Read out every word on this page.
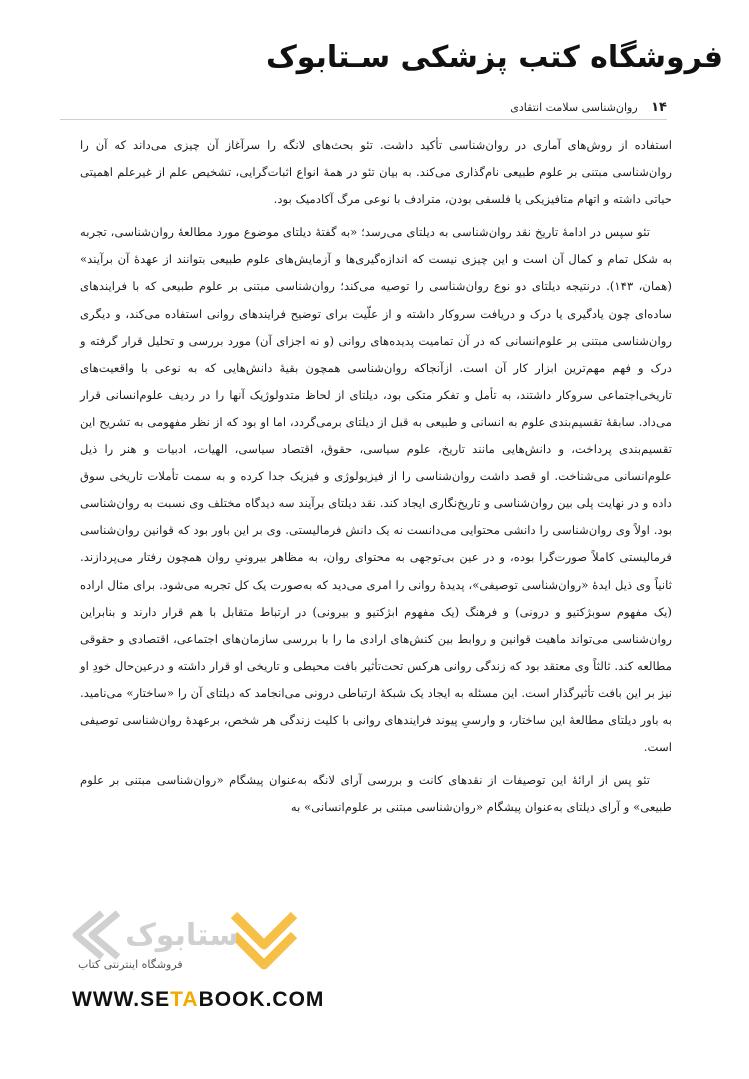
فروشگاه کتب پزشکی سـتابوک
۱۴ روان‌شناسی سلامت انتقادی

استفاده از روش‌های آماری در روان‌شناسی تأکید داشت. تئو بحث‌های لانگه را سرآغاز آن چیزی می‌داند که آن را روان‌شناسی مبتنی بر علوم طبیعی نام‌گذاری می‌کند. به بیان تئو در همهٔ انواع اثبات‌گرایی، تشخیص علم از غیرعلم اهمیتی حیاتی داشته و اتهام متافیزیکی یا فلسفی بودن، مترادف با نوعی مرگ آکادمیک بود.

تئو سپس در ادامهٔ تاریخ نقد روان‌شناسی به دیلتای می‌رسد؛ «به گفتهٔ دیلتای موضوع مورد مطالعهٔ روان‌شناسی، تجربه به شکل تمام و کمال آن است و این چیزی نیست که اندازه‌گیری‌ها و آزمایش‌های علوم طبیعی بتوانند از عهدهٔ آن برآیند» (همان، ۱۴۳). درنتیجه دیلتای دو نوع روان‌شناسی را توصیه می‌کند؛ روان‌شناسی مبتنی بر علوم طبیعی که با فرایندهای ساده‌ای چون یادگیری یا درک و دریافت سروکار داشته و از علّیت برای توضیح فرایندهای روانی استفاده می‌کند، و دیگری روان‌شناسی مبتنی بر علوم‌انسانی که در آن تمامیت پدیده‌های روانی (و نه اجزای آن) مورد بررسی و تحلیل قرار گرفته و درک و فهم مهم‌ترین ابزار کار آن است. ازآنجاکه روان‌شناسی همچون بقیهٔ دانش‌هایی که به نوعی با واقعیت‌های تاریخی‌اجتماعی سروکار داشتند، به تأمل و تفکر متکی بود، دیلتای از لحاظ متدولوژیک آنها را در ردیف علوم‌انسانی قرار می‌داد. سابقهٔ تقسیم‌بندی علوم به انسانی و طبیعی به قبل از دیلتای برمی‌گردد، اما او بود که از نظر مفهومی به تشریح این تقسیم‌بندی پرداخت، و دانش‌هایی مانند تاریخ، علوم سیاسی، حقوق، اقتصاد سیاسی، الهیات، ادبیات و هنر را ذیل علوم‌انسانی می‌شناخت. او قصد داشت روان‌شناسی را از فیزیولوژی و فیزیک جدا کرده و به سمت تأملات تاریخی سوق داده و در نهایت پلی بین روان‌شناسی و تاریخ‌نگاری ایجاد کند. نقد دیلتای برآیند سه دیدگاه مختلف وی نسبت به روان‌شناسی بود. اولاً وی روان‌شناسی را دانشی محتوایی می‌دانست نه یک دانش فرمالیستی. وی بر این باور بود که قوانین روان‌شناسی فرمالیستی کاملاً صورت‌گرا بوده، و در عین بی‌توجهی به محتوای روان، به مظاهر بیرونیِ روان همچون رفتار می‌پردازند. ثانیاً وی ذیل ایدهٔ «روان‌شناسی توصیفی»، پدیدهٔ روانی را امری می‌دید که به‌صورت یک کل تجربه می‌شود. برای مثال اراده (یک مفهوم سوبژکتیو و درونی) و فرهنگ (یک مفهوم ابژکتیو و بیرونی) در ارتباط متقابل با هم قرار دارند و بنابراین روان‌شناسی می‌تواند ماهیت قوانین و روابط بین کنش‌های ارادی ما را با بررسی سازمان‌های اجتماعی، اقتصادی و حقوقی مطالعه کند. ثالثاً وی معتقد بود که زندگی روانی هرکس تحت‌تأثیر بافت محیطی و تاریخی او قرار داشته و درعین‌حال خودِ او نیز بر این بافت تأثیرگذار است. این مسئله به ایجاد یک شبکهٔ ارتباطی درونی می‌انجامد که دیلتای آن را «ساختار» می‌نامید. به باور دیلتای مطالعهٔ این ساختار، و وارسیِ پیوند فرایندهای روانی با کلیت زندگی هر شخص، برعهدهٔ روان‌شناسی توصیفی است.

تئو پس از ارائهٔ این توصیفات از نقدهای کانت و بررسی آرای لانگه به‌عنوان پیشگام «روان‌شناسی مبتنی بر علوم طبیعی» و آرای دیلتای به‌عنوان پیشگام «روان‌شناسی مبتنی بر علوم‌انسانی» به

ستابوک
فروشگاه اینترنتی کتاب
WWW.SETABOOK.COM
